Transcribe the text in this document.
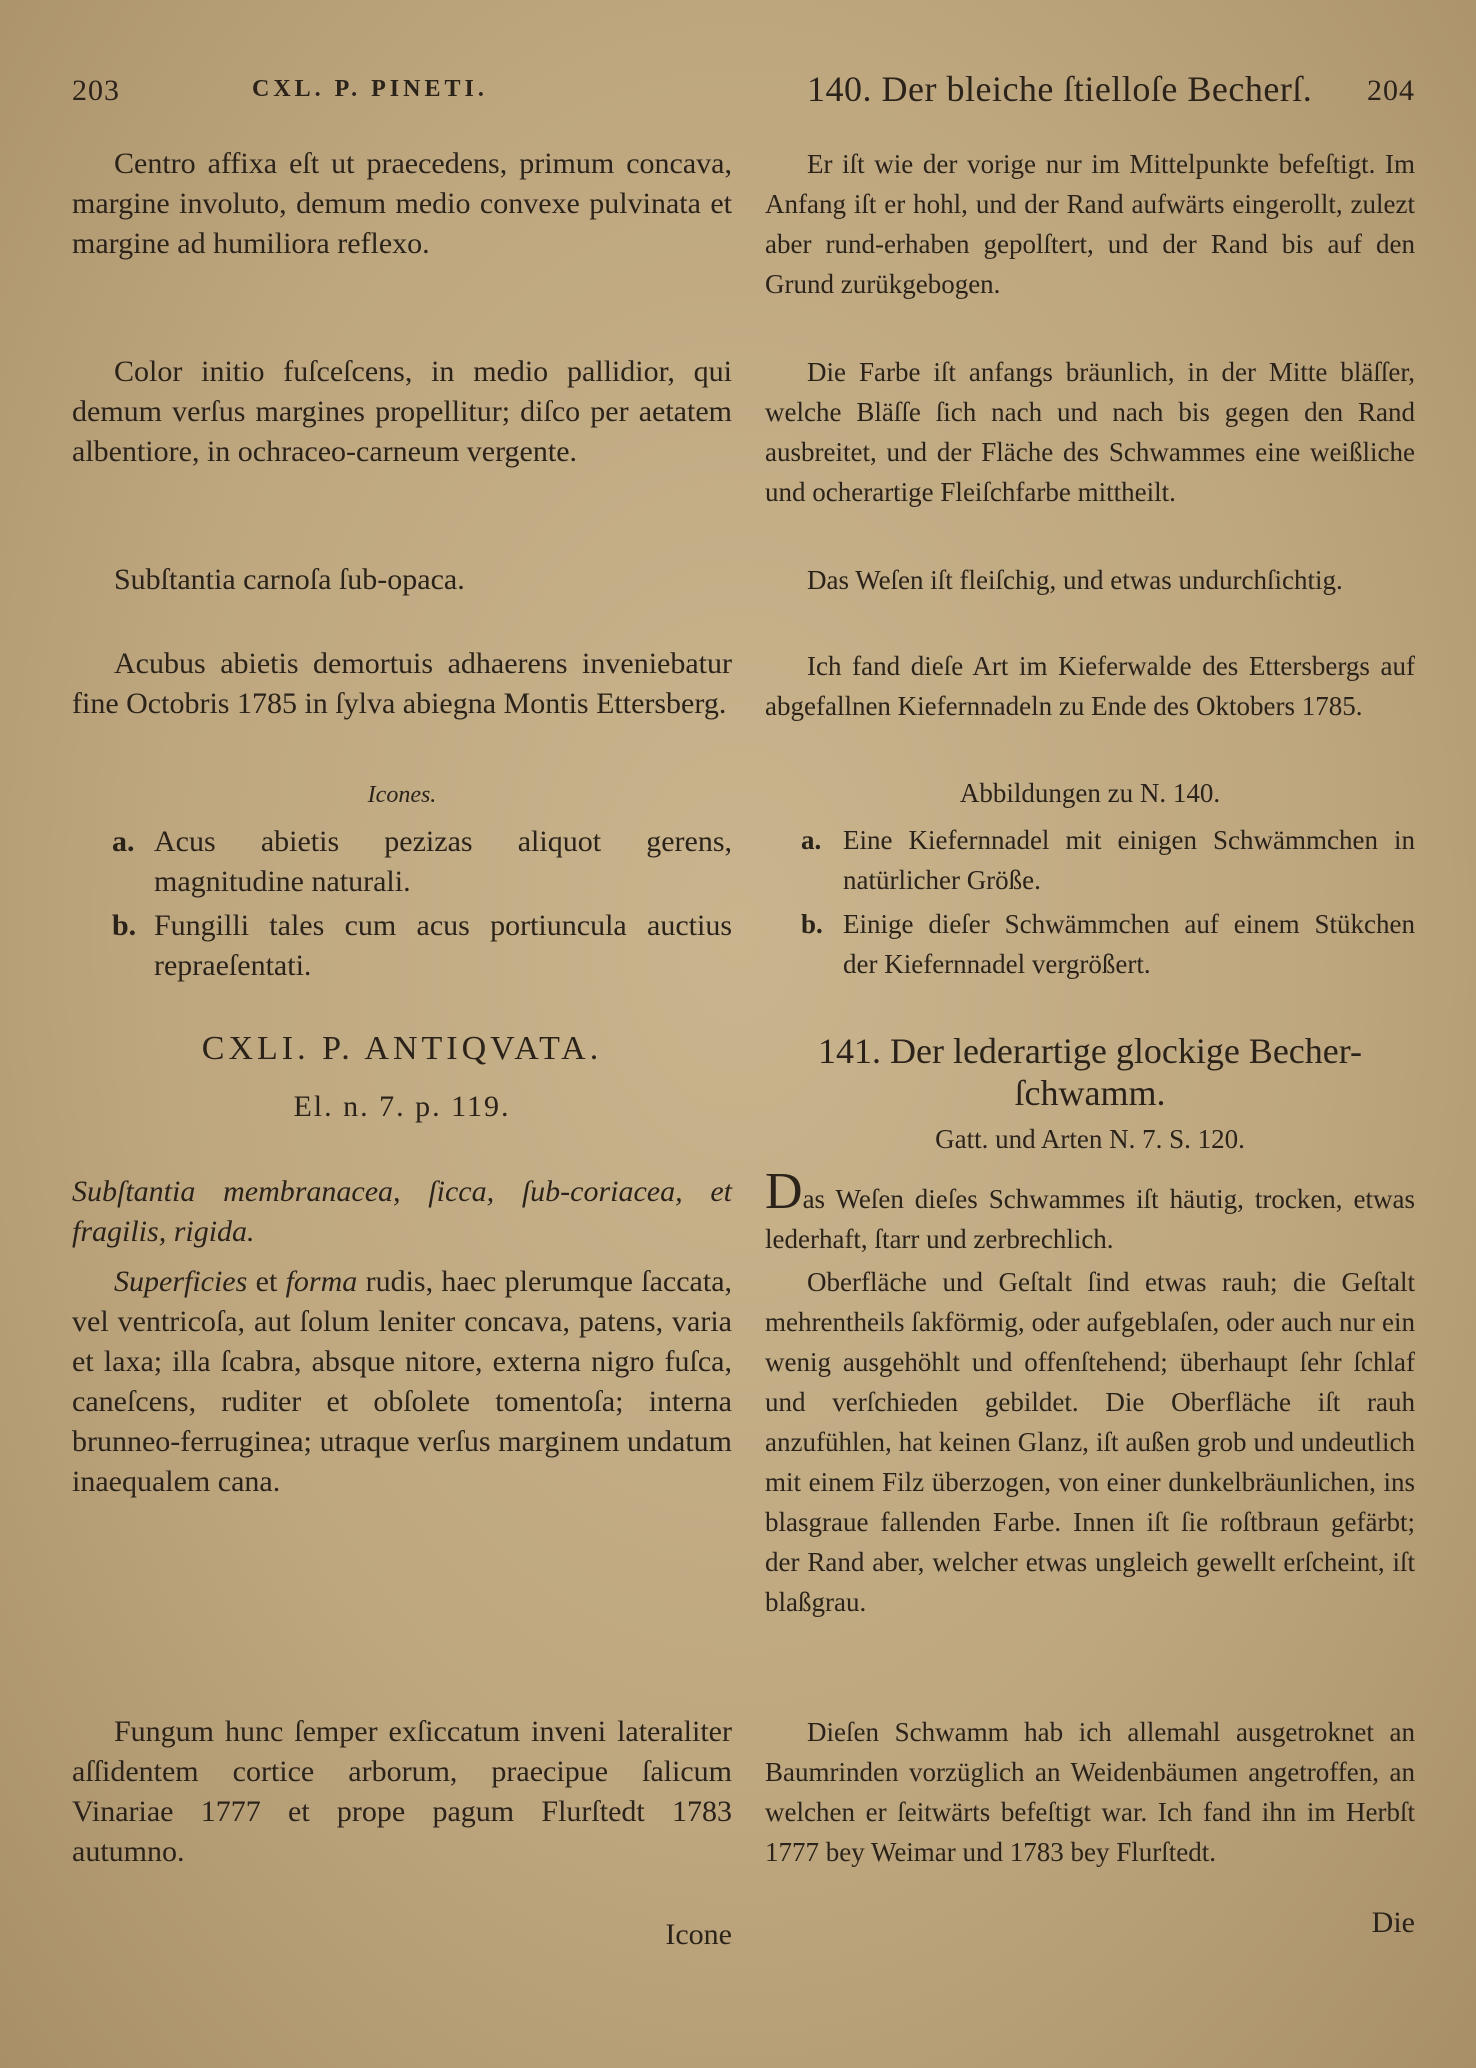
203	CXL. P. PINETI.
Centro affixa eſt ut praecedens, primum concava, margine involuto, demum medio convexe pulvinata et margine ad humiliora reflexo.
Color initio fuſceſcens, in medio pallidior, qui demum verſus margines propellitur; diſco per aetatem albentiore, in ochraceo-carneum vergente.
Subſtantia carnoſa ſub-opaca.
Acubus abietis demortuis adhaerens inveniebatur fine Octobris 1785 in ſylva abiegna Montis Ettersberg.
Icones.
a. Acus abietis pezizas aliquot gerens, magnitudine naturali.
b. Fungilli tales cum acus portiuncula auctius repraeſentati.
CXLI. P. ANTIQVATA.
El. n. 7. p. 119.
Subſtantia membranacea, ſicca, ſub-coriacea, et fragilis, rigida.
Superficies et forma rudis, haec plerumque ſaccata, vel ventricoſa, aut ſolum leniter concava, patens, varia et laxa; illa ſcabra, absque nitore, externa nigro fuſca, caneſcens, ruditer et obſolete tomentoſa; interna brunneo-ferruginea; utraque verſus marginem undatum inaequalem cana.
Fungum hunc ſemper exſiccatum inveni lateraliter aſſidentem cortice arborum, praecipue ſalicum Vinariae 1777 et prope pagum Flurſtedt 1783 autumno.
Icone
140. Der bleiche ſtielloſe Becherſ. 204
Er iſt wie der vorige nur im Mittelpunkte befeſtigt. Im Anfang iſt er hohl, und der Rand aufwärts eingerollt, zulezt aber rund-erhaben gepolſtert, und der Rand bis auf den Grund zurükgebogen.
Die Farbe iſt anfangs bräunlich, in der Mitte bläſſer, welche Bläſſe ſich nach und nach bis gegen den Rand ausbreitet, und der Fläche des Schwammes eine weißliche und ocherartige Fleiſchfarbe mittheilt.
Das Weſen iſt fleiſchig, und etwas undurchſichtig.
Ich fand dieſe Art im Kieferwalde des Ettersbergs auf abgefallnen Kiefernnadeln zu Ende des Oktobers 1785.
Abbildungen zu N. 140.
a. Eine Kiefernnadel mit einigen Schwämmchen in natürlicher Größe.
b. Einige dieſer Schwämmchen auf einem Stükchen der Kiefernnadel vergrößert.
141. Der lederartige glockige Becher-
ſchwamm.
Gatt. und Arten N. 7. S. 120.
Das Weſen dieſes Schwammes iſt häutig, trocken, etwas lederhaft, ſtarr und zerbrechlich.
Oberfläche und Geſtalt ſind etwas rauh; die Geſtalt mehrentheils ſakförmig, oder aufgeblaſen, oder auch nur ein wenig ausgehöhlt und offenſtehend; überhaupt ſehr ſchlaf und verſchieden gebildet. Die Oberfläche iſt rauh anzufühlen, hat keinen Glanz, iſt außen grob und undeutlich mit einem Filz überzogen, von einer dunkelbräunlichen, ins blasgraue fallenden Farbe. Innen iſt ſie roſtbraun gefärbt; der Rand aber, welcher etwas ungleich gewellt erſcheint, iſt blaßgrau.
Dieſen Schwamm hab ich allemahl ausgetroknet an Baumrinden vorzüglich an Weidenbäumen angetroffen, an welchen er ſeitwärts befeſtigt war. Ich fand ihn im Herbſt 1777 bey Weimar und 1783 bey Flurſtedt.
Die
